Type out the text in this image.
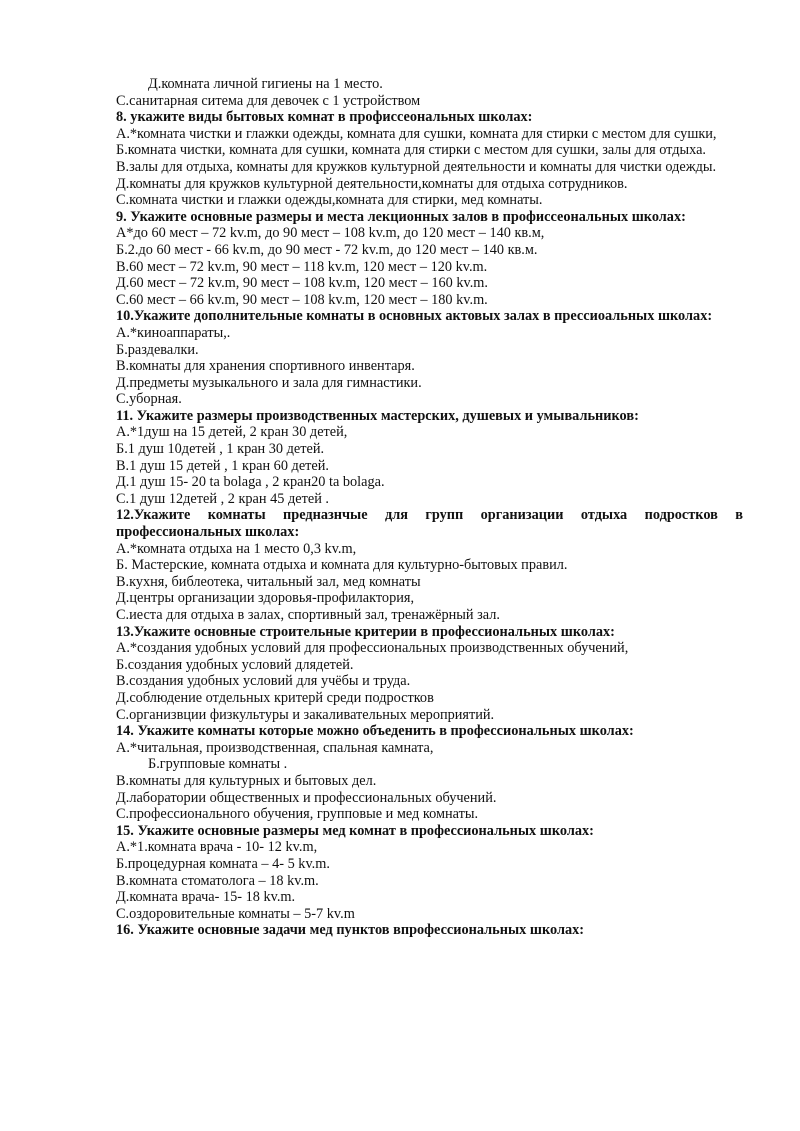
Д.комната личной гигиены на 1 место.
С.санитарная ситема для девочек с 1 устройством
8. укажите виды бытовых комнат в профиссеональных школах:
А.*комната чистки и глажки одежды, комната для сушки, комната для стирки с местом для сушки,
Б.комната чистки, комната для сушки, комната для стирки с местом для сушки, залы для отдыха.
В.залы для отдыха, комнаты для кружков культурной деятельности и комнаты для чистки одежды.
Д.комнаты для кружков культурной деятельности,комнаты для отдыха сотрудников.
С.комната чистки и глажки одежды,комната для стирки, мед комнаты.
9. Укажите основные размеры и места лекционных залов в профиссеональных школах:
А*до 60 мест – 72 kv.m, до 90 мест – 108 kv.m, до 120 мест – 140 кв.м,
Б.2.до 60 мест - 66 kv.m, до 90 мест - 72 kv.m, до 120 мест – 140 кв.м.
В.60 мест – 72 kv.m, 90 мест – 118 kv.m, 120 мест – 120 kv.m.
Д.60 мест – 72 kv.m, 90 мест – 108 kv.m, 120 мест – 160 kv.m.
С.60 мест – 66 kv.m, 90 мест – 108 kv.m, 120 мест – 180 kv.m.
10.Укажите дополнительные комнаты в основных актовых залах в прессиоальных школах:
А.*киноаппараты,.
Б.раздевалки.
В.комнаты для хранения спортивного инвентаря.
Д.предметы музыкального и зала для гимнастики.
С.уборная.
11. Укажите размеры производственных мастерских, душевых и умывальников:
А.*1душ на 15 детей, 2 кран 30 детей,
Б.1 душ 10детей , 1 кран 30 детей.
В.1 душ 15 детей , 1 кран 60 детей.
Д.1 душ 15- 20 ta bolaga , 2 кран20 ta bolaga.
С.1 душ 12детей , 2 кран 45 детей .
12.Укажите комнаты предназнчые для групп организации отдыха подростков в профессиональных школах:
А.*комната отдыха на 1 место 0,3 kv.m,
Б. Мастерские, комната отдыха и комната для культурно-бытовых правил.
В.кухня, библеотека, читальный зал, мед комнаты
Д.центры организации здоровья-профилактория,
С.иеста для отдыха в залах, спортивный зал, тренажёрный зал.
13.Укажите основные строительные критерии в профессиональных школах:
А.*создания удобных условий для профессиональных производственных обучений,
Б.создания удобных условий длядетей.
В.создания удобных условий для учёбы и труда.
Д.соблюдение отдельных критерй среди подростков
С.организвции физкультуры и закаливательных мероприятий.
14. Укажите комнаты которые можно объеденить в профессиональных школах:
А.*читальная, производственная, спальная камната,
Б.групповые комнаты .
В.комнаты для культурных и бытовых дел.
Д.лаборатории общественных и профессиональных обучений.
С.профессионального обучения, групповые и мед комнаты.
15. Укажите основные размеры мед комнат в профессиональных школах:
А.*1.комната врача - 10- 12 kv.m,
Б.процедурная комната – 4- 5 kv.m.
В.комната стоматолога – 18 kv.m.
Д.комната врача- 15- 18 kv.m.
С.оздоровительные комнаты – 5-7 kv.m
16. Укажите основные задачи мед пунктов впрофессиональных школах:
